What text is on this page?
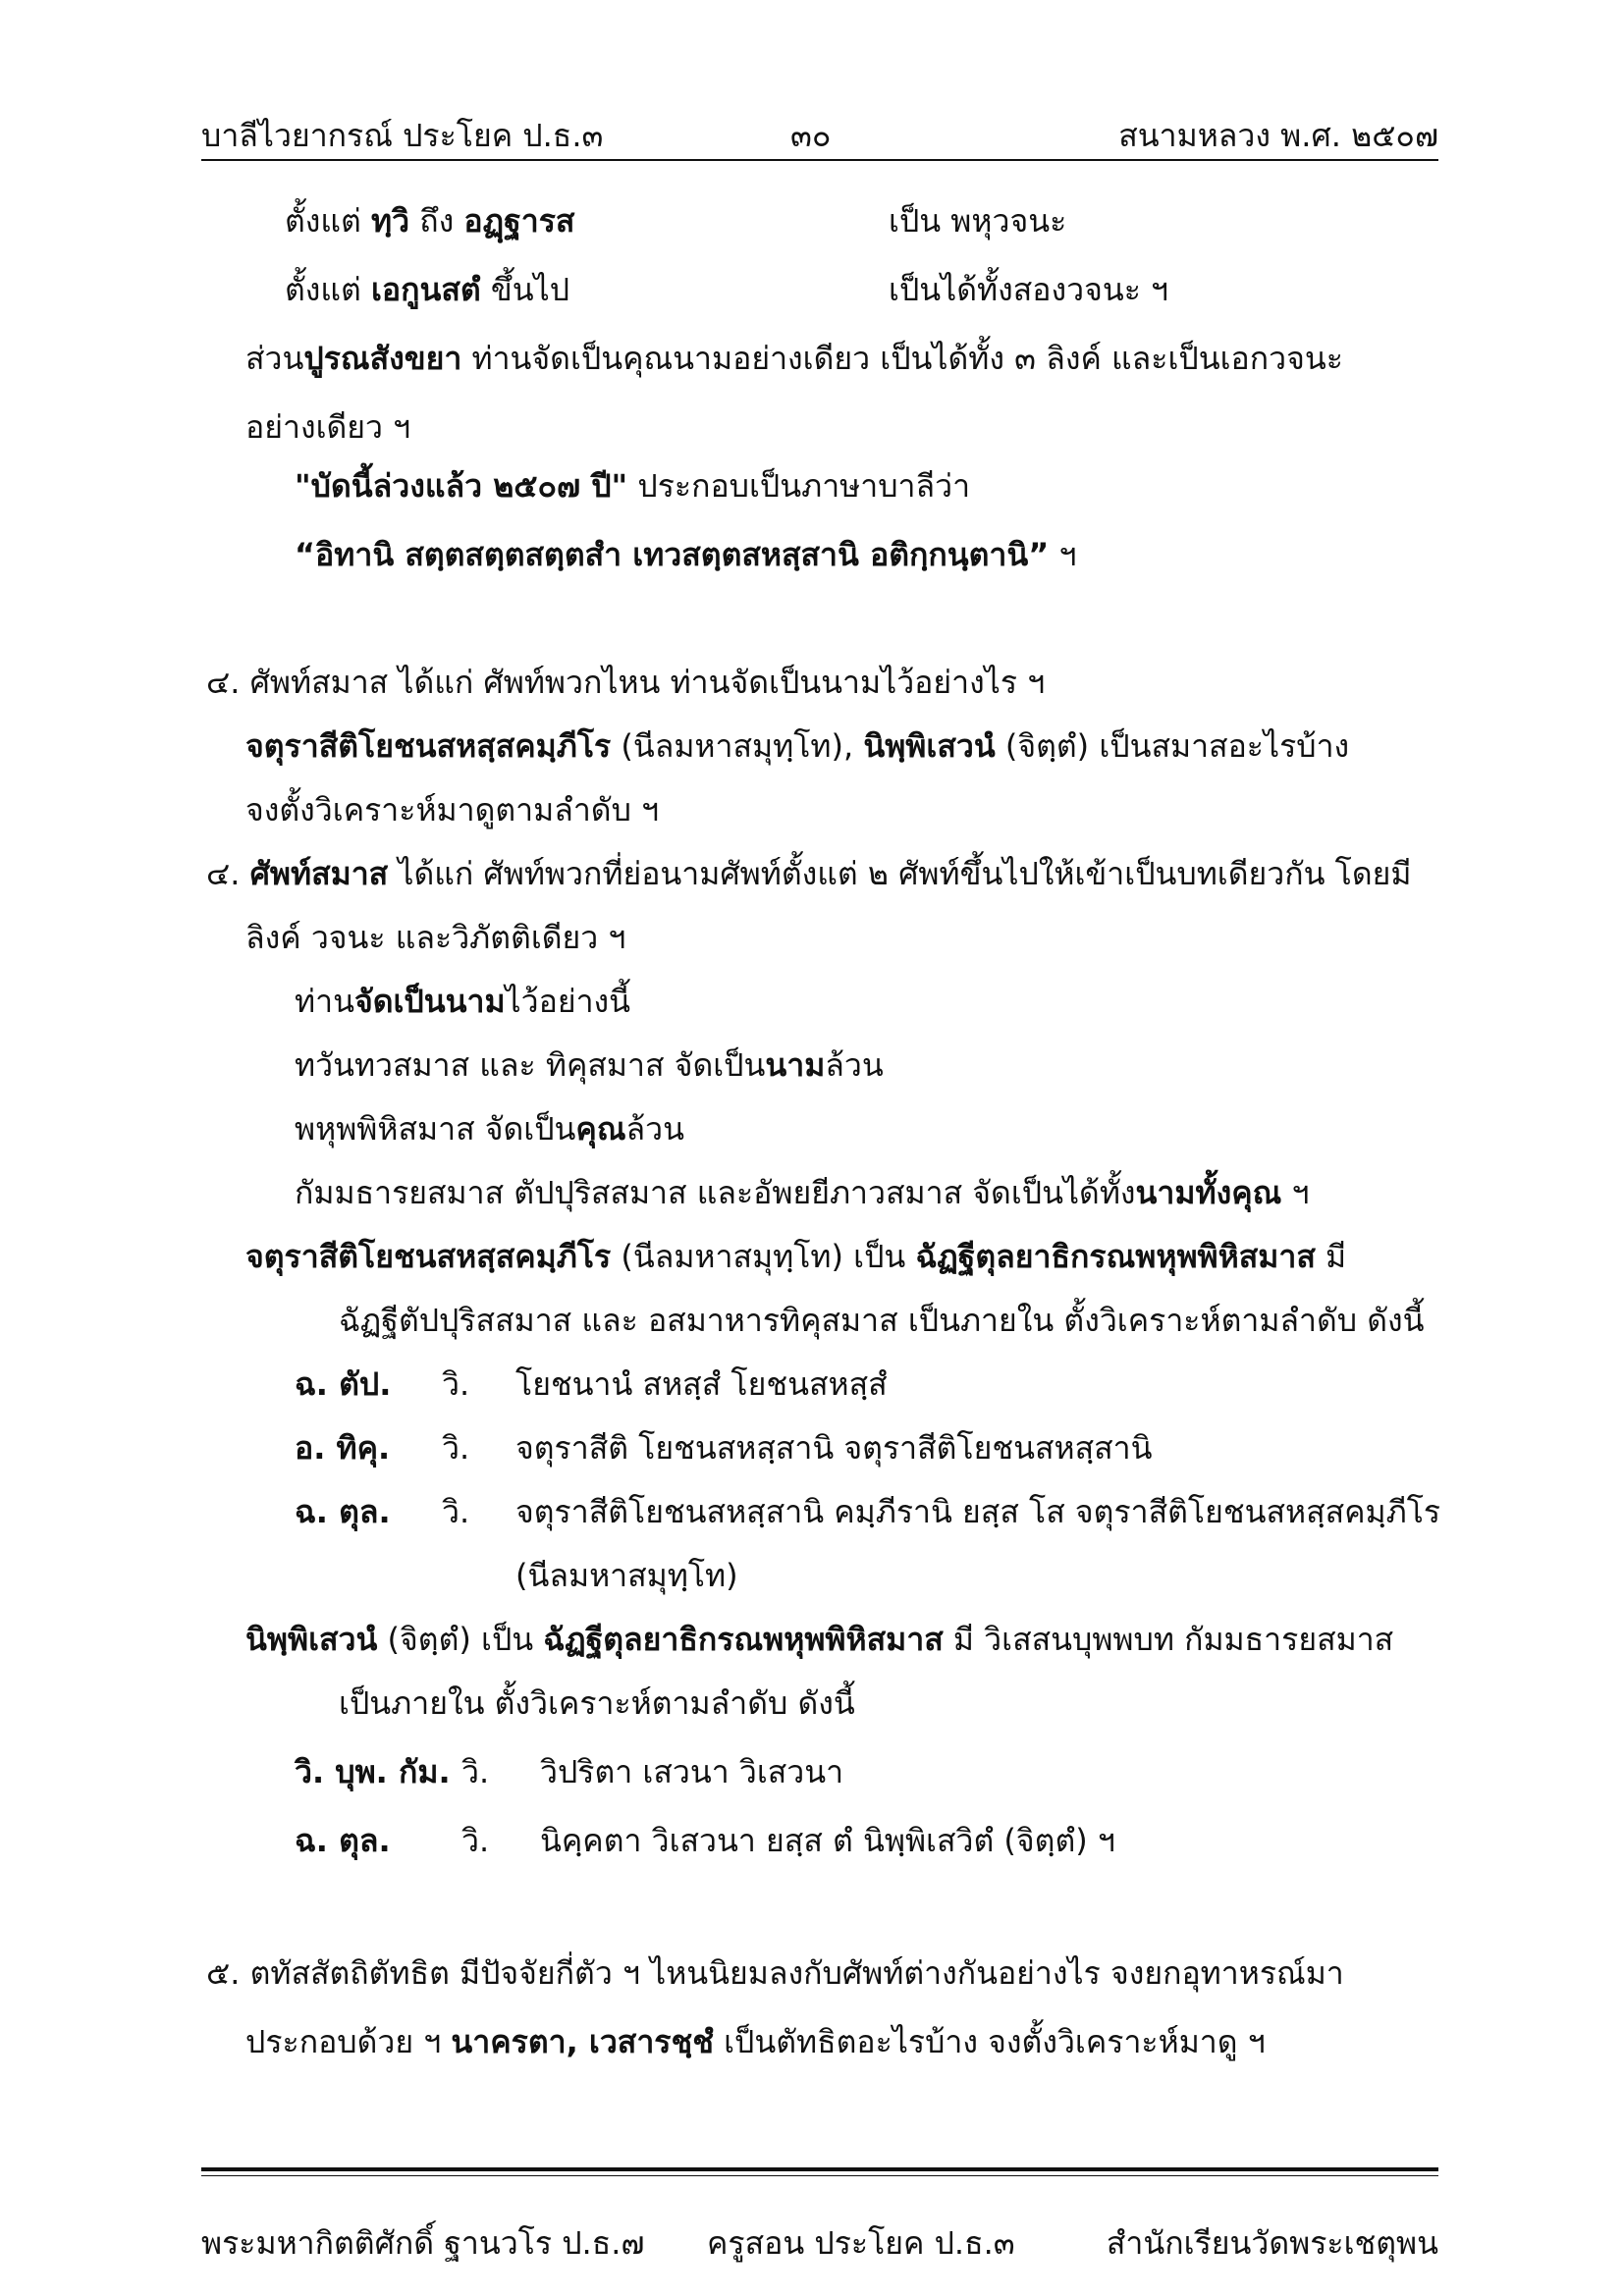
บาลีไวยากรณ์ ประโยค ป.ธ.๓	๓๐	สนามหลวง พ.ศ. ๒๕๐๗
ตั้งแต่ ทฺวิ ถึง อฏฺฐารส	เป็น พหุวจนะ
ตั้งแต่ เอกูนสตํ ขึ้นไป	เป็นได้ทั้งสองวจนะ ฯ
ส่วนปูรณสังขยา ท่านจัดเป็นคุณนามอย่างเดียว เป็นได้ทั้ง ๓ ลิงค์ และเป็นเอกวจนะ
อย่างเดียว ฯ
"บัดนี้ล่วงแล้ว ๒๕๐๗ ปี" ประกอบเป็นภาษาบาลีว่า
“อิทานิ สตฺตสตฺตสตฺตสำ เทวสตฺตสหสฺสานิ อติกฺกนฺตานิ” ฯ
๔. ศัพท์สมาส ได้แก่ ศัพท์พวกไหน ท่านจัดเป็นนามไว้อย่างไร ฯ
จตุราสีติโยชนสหสฺสคมฺภีโร (นีลมหาสมุทฺโท), นิพฺพิเสวนํ (จิตฺตํ) เป็นสมาสอะไรบ้าง
จงตั้งวิเคราะห์มาดูตามลำดับ ฯ
๔. ศัพท์สมาส ได้แก่ ศัพท์พวกที่ย่อนามศัพท์ตั้งแต่ ๒ ศัพท์ขึ้นไปให้เข้าเป็นบทเดียวกัน โดยมี
ลิงค์ วจนะ และวิภัตติเดียว ฯ
ท่านจัดเป็นนามไว้อย่างนี้
ทวันทวสมาส และ ทิคุสมาส จัดเป็นนามล้วน
พหุพพิหิสมาส จัดเป็นคุณล้วน
กัมมธารยสมาส ตัปปุริสสมาส และอัพยยีภาวสมาส จัดเป็นได้ทั้งนามทั้งคุณ ฯ
จตุราสีติโยชนสหสฺสคมฺภีโร (นีลมหาสมุทฺโท) เป็น ฉัฏฐีตุลยาธิกรณพหุพพิหิสมาส มี
ฉัฏฐีตัปปุริสสมาส และ อสมาหารทิคุสมาส เป็นภายใน ตั้งวิเคราะห์ตามลำดับ ดังนี้
ฉ. ตัป. วิ. โยชนานํ สหสฺสํ โยชนสหสฺสํ
อ. ทิคุ. วิ. จตุราสีติ โยชนสหสฺสานิ จตุราสีติโยชนสหสฺสานิ
ฉ. ตุล. วิ. จตุราสีติโยชนสหสฺสานิ คมฺภีรานิ ยสฺส โส จตุราสีติโยชนสหสฺสคมฺภีโร
(นีลมหาสมุทฺโท)
นิพฺพิเสวนํ (จิตฺตํ) เป็น ฉัฏฐีตุลยาธิกรณพหุพพิหิสมาส มี วิเสสนบุพพบท กัมมธารยสมาส
เป็นภายใน ตั้งวิเคราะห์ตามลำดับ ดังนี้
วิ. บุพ. กัม. วิ. วิปริตา เสวนา วิเสวนา
ฉ. ตุล. วิ. นิคฺคตา วิเสวนา ยสฺส ตํ นิพฺพิเสวิตํ (จิตฺตํ) ฯ
๕. ตทัสสัตถิตัทธิต มีปัจจัยกี่ตัว ฯ ไหนนิยมลงกับศัพท์ต่างกันอย่างไร จงยกอุทาหรณ์มา
ประกอบด้วย ฯ นาครตา, เวสารชฺชํ เป็นตัทธิตอะไรบ้าง จงตั้งวิเคราะห์มาดู ฯ
พระมหากิตติศักดิ์ ฐานวโร ป.ธ.๗ ครูสอน ประโยค ป.ธ.๓	สำนักเรียนวัดพระเชตุพน
